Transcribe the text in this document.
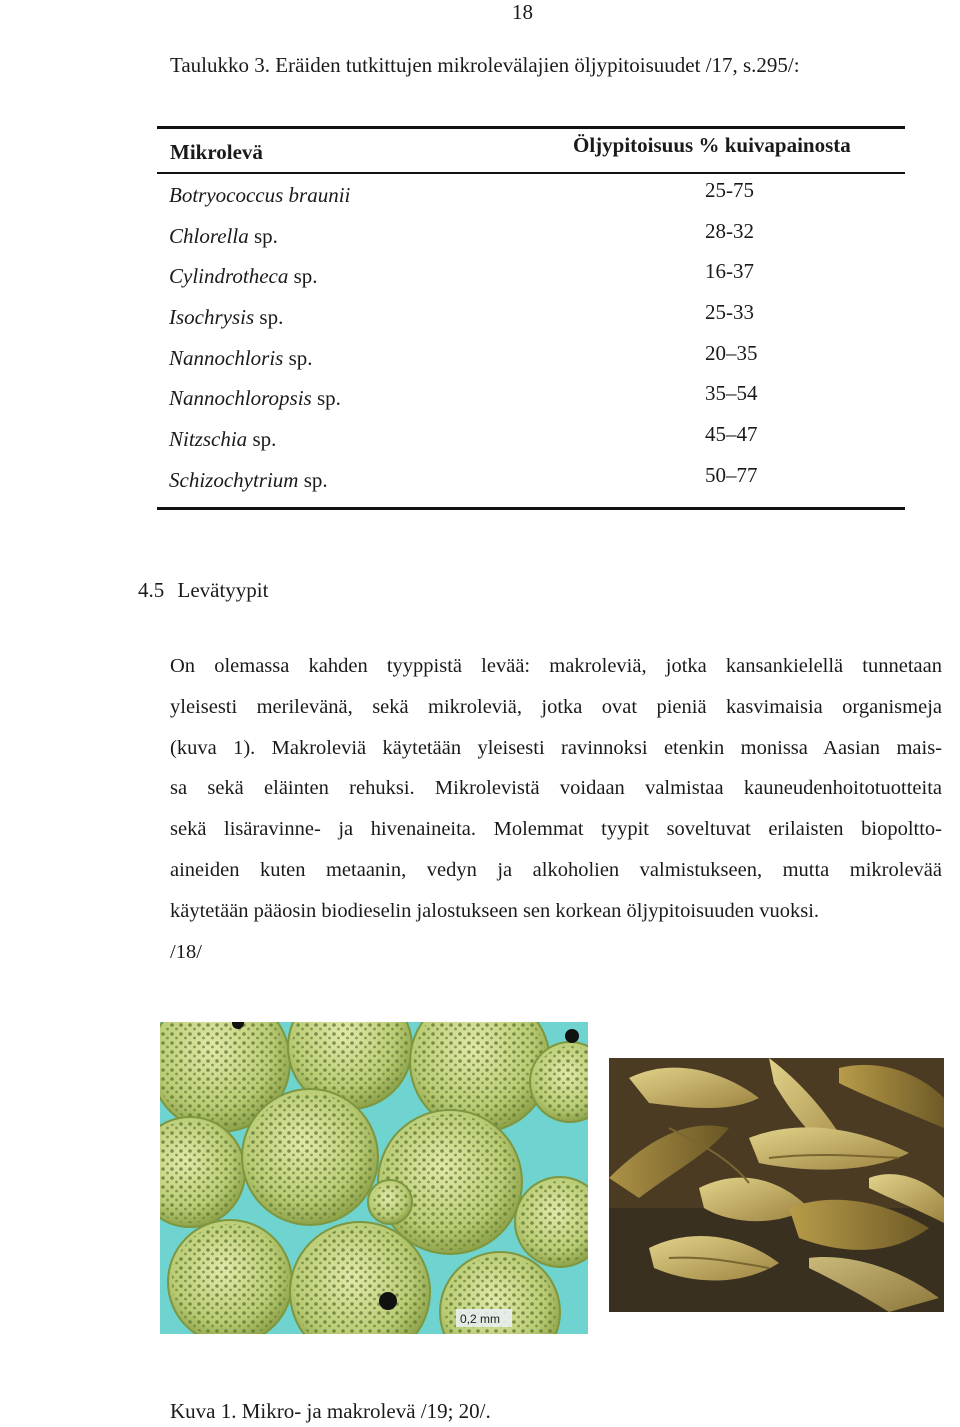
18
Taulukko 3. Eräiden tutkittujen mikrolevälajien öljypitoisuudet /17, s.295/:
Mikrolevä	Öljypitoisuus % kuivapainosta
Botryococcus braunii	25-75
Chlorella sp.	28-32
Cylindrotheca sp.	16-37
Isochrysis sp.	25-33
Nannochloris sp.	20–35
Nannochloropsis sp.	35–54
Nitzschia sp.	45–47
Schizochytrium sp.	50–77
4.5 Levätyypit
On olemassa kahden tyyppistä levää: makroleviä, jotka kansankielellä tunnetaan
yleisesti merilevänä, sekä mikroleviä, jotka ovat pieniä kasvimaisia organismeja
(kuva 1). Makroleviä käytetään yleisesti ravinnoksi etenkin monissa Aasian mais-
sa sekä eläinten rehuksi. Mikrolevistä voidaan valmistaa kauneudenhoitotuotteita
sekä lisäravinne- ja hivenaineita. Molemmat tyypit soveltuvat erilaisten biopoltto-
aineiden kuten metaanin, vedyn ja alkoholien valmistukseen, mutta mikrolevää
käytetään pääosin biodieselin jalostukseen sen korkean öljypitoisuuden vuoksi.
/18/
0,2 mm
Kuva 1. Mikro- ja makrolevä /19; 20/.
